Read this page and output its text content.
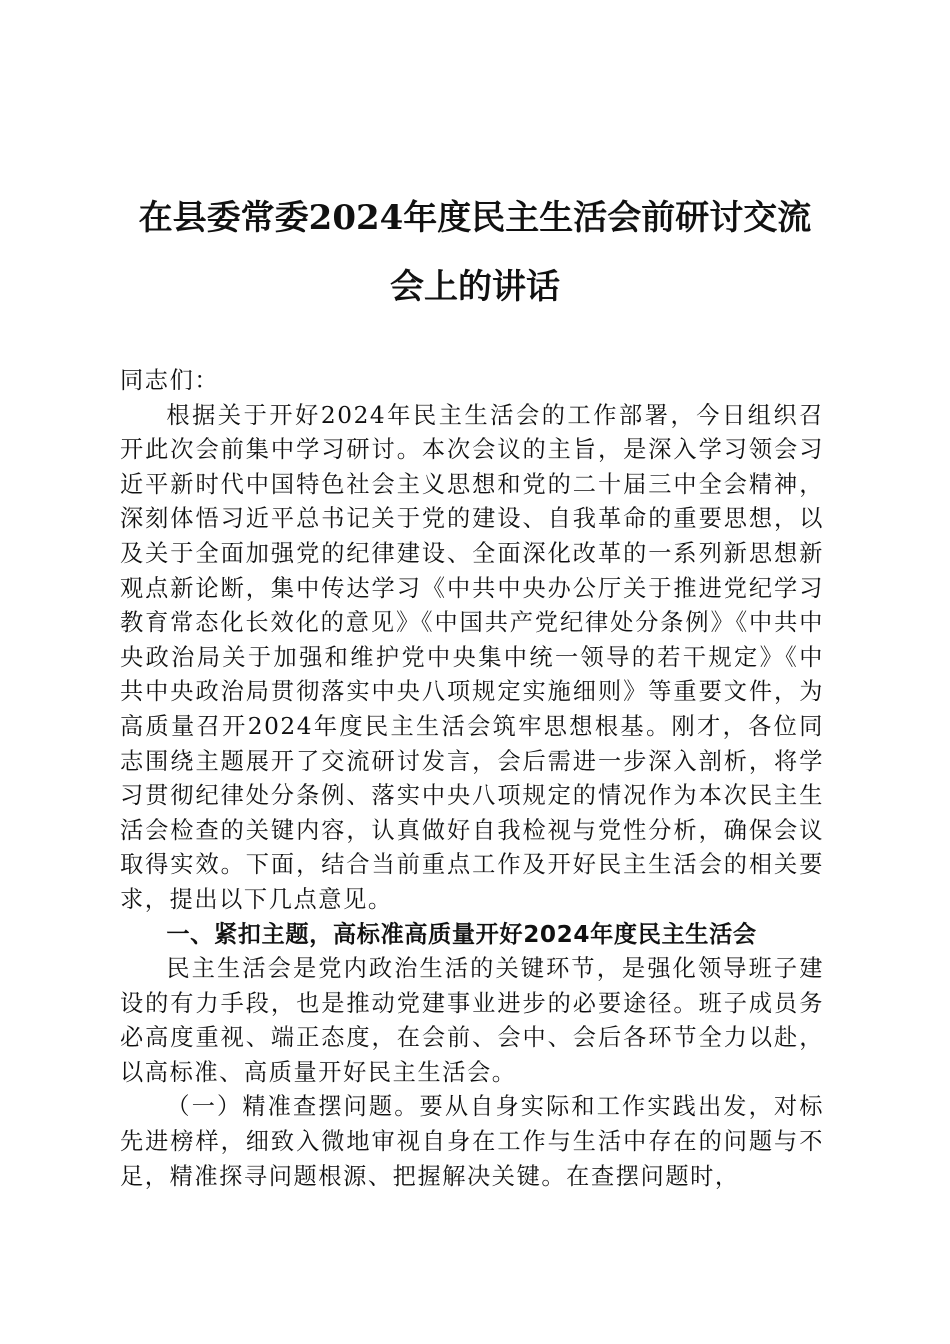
在县委常委2024年度民主生活会前研讨交流
会上的讲话

同志们：

根据关于开好2024年民主生活会的工作部署，今日组织召开此次会前集中学习研讨。本次会议的主旨，是深入学习领会习近平新时代中国特色社会主义思想和党的二十届三中全会精神，深刻体悟习近平总书记关于党的建设、自我革命的重要思想，以及关于全面加强党的纪律建设、全面深化改革的一系列新思想新观点新论断，集中传达学习《中共中央办公厅关于推进党纪学习教育常态化长效化的意见》《中国共产党纪律处分条例》《中共中央政治局关于加强和维护党中央集中统一领导的若干规定》《中共中央政治局贯彻落实中央八项规定实施细则》等重要文件，为高质量召开2024年度民主生活会筑牢思想根基。刚才，各位同志围绕主题展开了交流研讨发言，会后需进一步深入剖析，将学习贯彻纪律处分条例、落实中央八项规定的情况作为本次民主生活会检查的关键内容，认真做好自我检视与党性分析，确保会议取得实效。下面，结合当前重点工作及开好民主生活会的相关要求，提出以下几点意见。

一、紧扣主题，高标准高质量开好2024年度民主生活会

民主生活会是党内政治生活的关键环节，是强化领导班子建设的有力手段，也是推动党建事业进步的必要途径。班子成员务必高度重视、端正态度，在会前、会中、会后各环节全力以赴，以高标准、高质量开好民主生活会。

（一）精准查摆问题。要从自身实际和工作实践出发，对标先进榜样，细致入微地审视自身在工作与生活中存在的问题与不足，精准探寻问题根源、把握解决关键。在查摆问题时，
